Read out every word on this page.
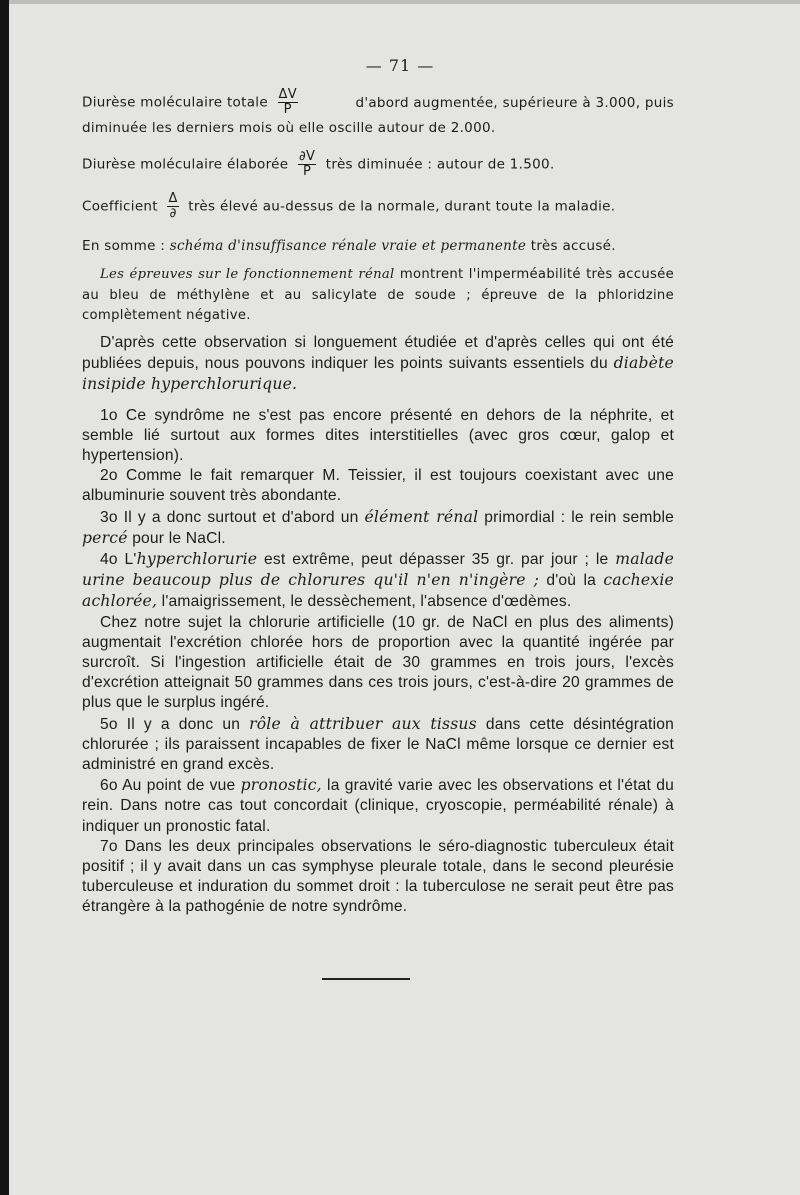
— 71 —
Diurèse moléculaire totale $\frac{\Delta V}{P}$	d'abord augmentée, supérieure à 3.000, puis
diminuée les derniers mois où elle oscille autour de 2.000.
Diurèse moléculaire élaborée $\frac{\partial V}{P}$ très diminuée : autour de 1.500.
Coefficient $\frac{\Delta}{\partial}$ très élevé au-dessus de la normale, durant toute la maladie.
En somme : schéma d'insuffisance rénale vraie et permanente très accusé.

Les épreuves sur le fonctionnement rénal montrent l'imperméabilité très accusée au bleu de méthylène et au salicylate de soude ; épreuve de la phloridzine complètement négative.

D'après cette observation si longuement étudiée et d'après celles qui ont été publiées depuis, nous pouvons indiquer les points suivants essentiels du diabète insipide hyperchlorurique.

1o Ce syndrôme ne s'est pas encore présenté en dehors de la néphrite, et semble lié surtout aux formes dites interstitielles (avec gros cœur, galop et hypertension).

2o Comme le fait remarquer M. Teissier, il est toujours coexistant avec une albuminurie souvent très abondante.

3o Il y a donc surtout et d'abord un élément rénal primordial : le rein semble percé pour le NaCl.

4o L'hyperchlorurie est extrême, peut dépasser 35 gr. par jour ; le malade urine beaucoup plus de chlorures qu'il n'en n'ingère ; d'où la cachexie achlorée, l'amaigrissement, le dessèchement, l'absence d'œdèmes.

Chez notre sujet la chlorurie artificielle (10 gr. de NaCl en plus des aliments) augmentait l'excrétion chlorée hors de proportion avec la quantité ingérée par surcroît. Si l'ingestion artificielle était de 30 grammes en trois jours, l'excès d'excrétion atteignait 50 grammes dans ces trois jours, c'est-à-dire 20 grammes de plus que le surplus ingéré.

5o Il y a donc un rôle à attribuer aux tissus dans cette désintégration chlorurée ; ils paraissent incapables de fixer le NaCl même lorsque ce dernier est administré en grand excès.

6o Au point de vue pronostic, la gravité varie avec les observations et l'état du rein. Dans notre cas tout concordait (clinique, cryoscopie, perméabilité rénale) à indiquer un pronostic fatal.

7o Dans les deux principales observations le séro-diagnostic tuberculeux était positif ; il y avait dans un cas symphyse pleurale totale, dans le second pleurésie tuberculeuse et induration du sommet droit : la tuberculose ne serait peut être pas étrangère à la pathogénie de notre syndrôme.
